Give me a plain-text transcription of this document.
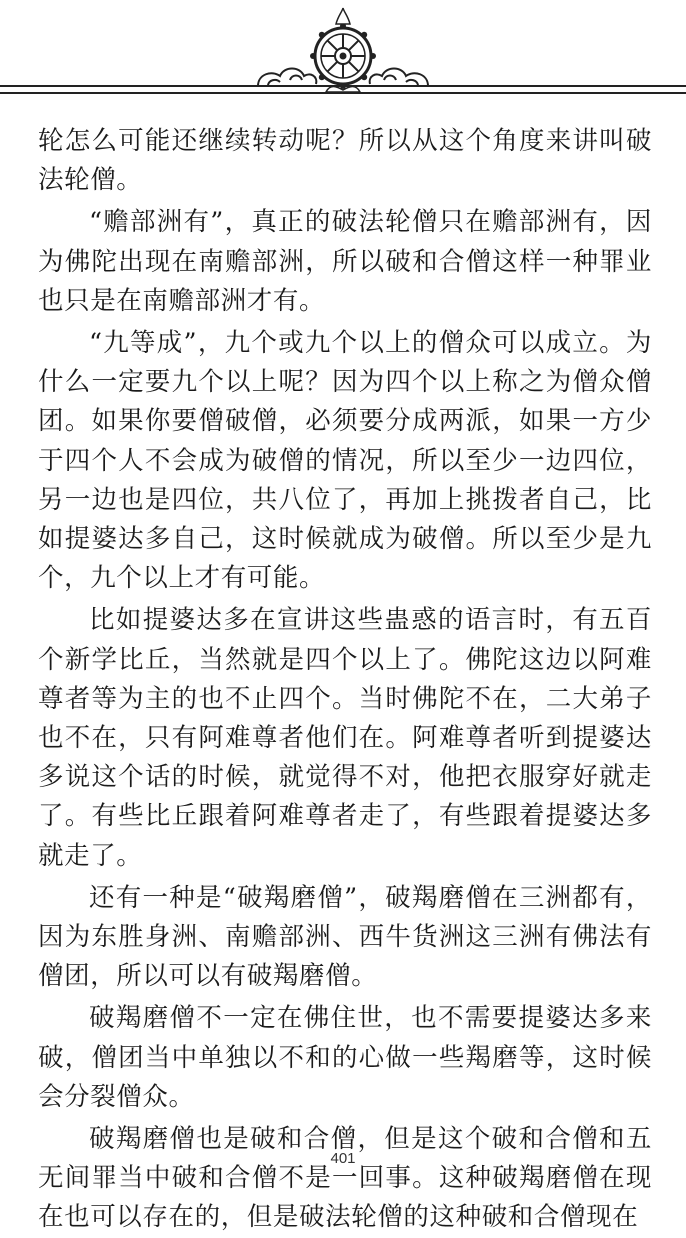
轮怎么可能还继续转动呢？所以从这个角度来讲叫破法轮僧。

“赡部洲有”，真正的破法轮僧只在赡部洲有，因为佛陀出现在南赡部洲，所以破和合僧这样一种罪业也只是在南赡部洲才有。

“九等成”，九个或九个以上的僧众可以成立。为什么一定要九个以上呢？因为四个以上称之为僧众僧团。如果你要僧破僧，必须要分成两派，如果一方少于四个人不会成为破僧的情况，所以至少一边四位，另一边也是四位，共八位了，再加上挑拨者自己，比如提婆达多自己，这时候就成为破僧。所以至少是九个，九个以上才有可能。

比如提婆达多在宣讲这些蛊惑的语言时，有五百个新学比丘，当然就是四个以上了。佛陀这边以阿难尊者等为主的也不止四个。当时佛陀不在，二大弟子也不在，只有阿难尊者他们在。阿难尊者听到提婆达多说这个话的时候，就觉得不对，他把衣服穿好就走了。有些比丘跟着阿难尊者走了，有些跟着提婆达多就走了。

还有一种是“破羯磨僧”，破羯磨僧在三洲都有，因为东胜身洲、南赡部洲、西牛货洲这三洲有佛法有僧团，所以可以有破羯磨僧。

破羯磨僧不一定在佛住世，也不需要提婆达多来破，僧团当中单独以不和的心做一些羯磨等，这时候会分裂僧众。

破羯磨僧也是破和合僧，但是这个破和合僧和五无间罪当中破和合僧不是一回事。这种破羯磨僧在现在也可以存在的，但是破法轮僧的这种破和合僧现在

401
